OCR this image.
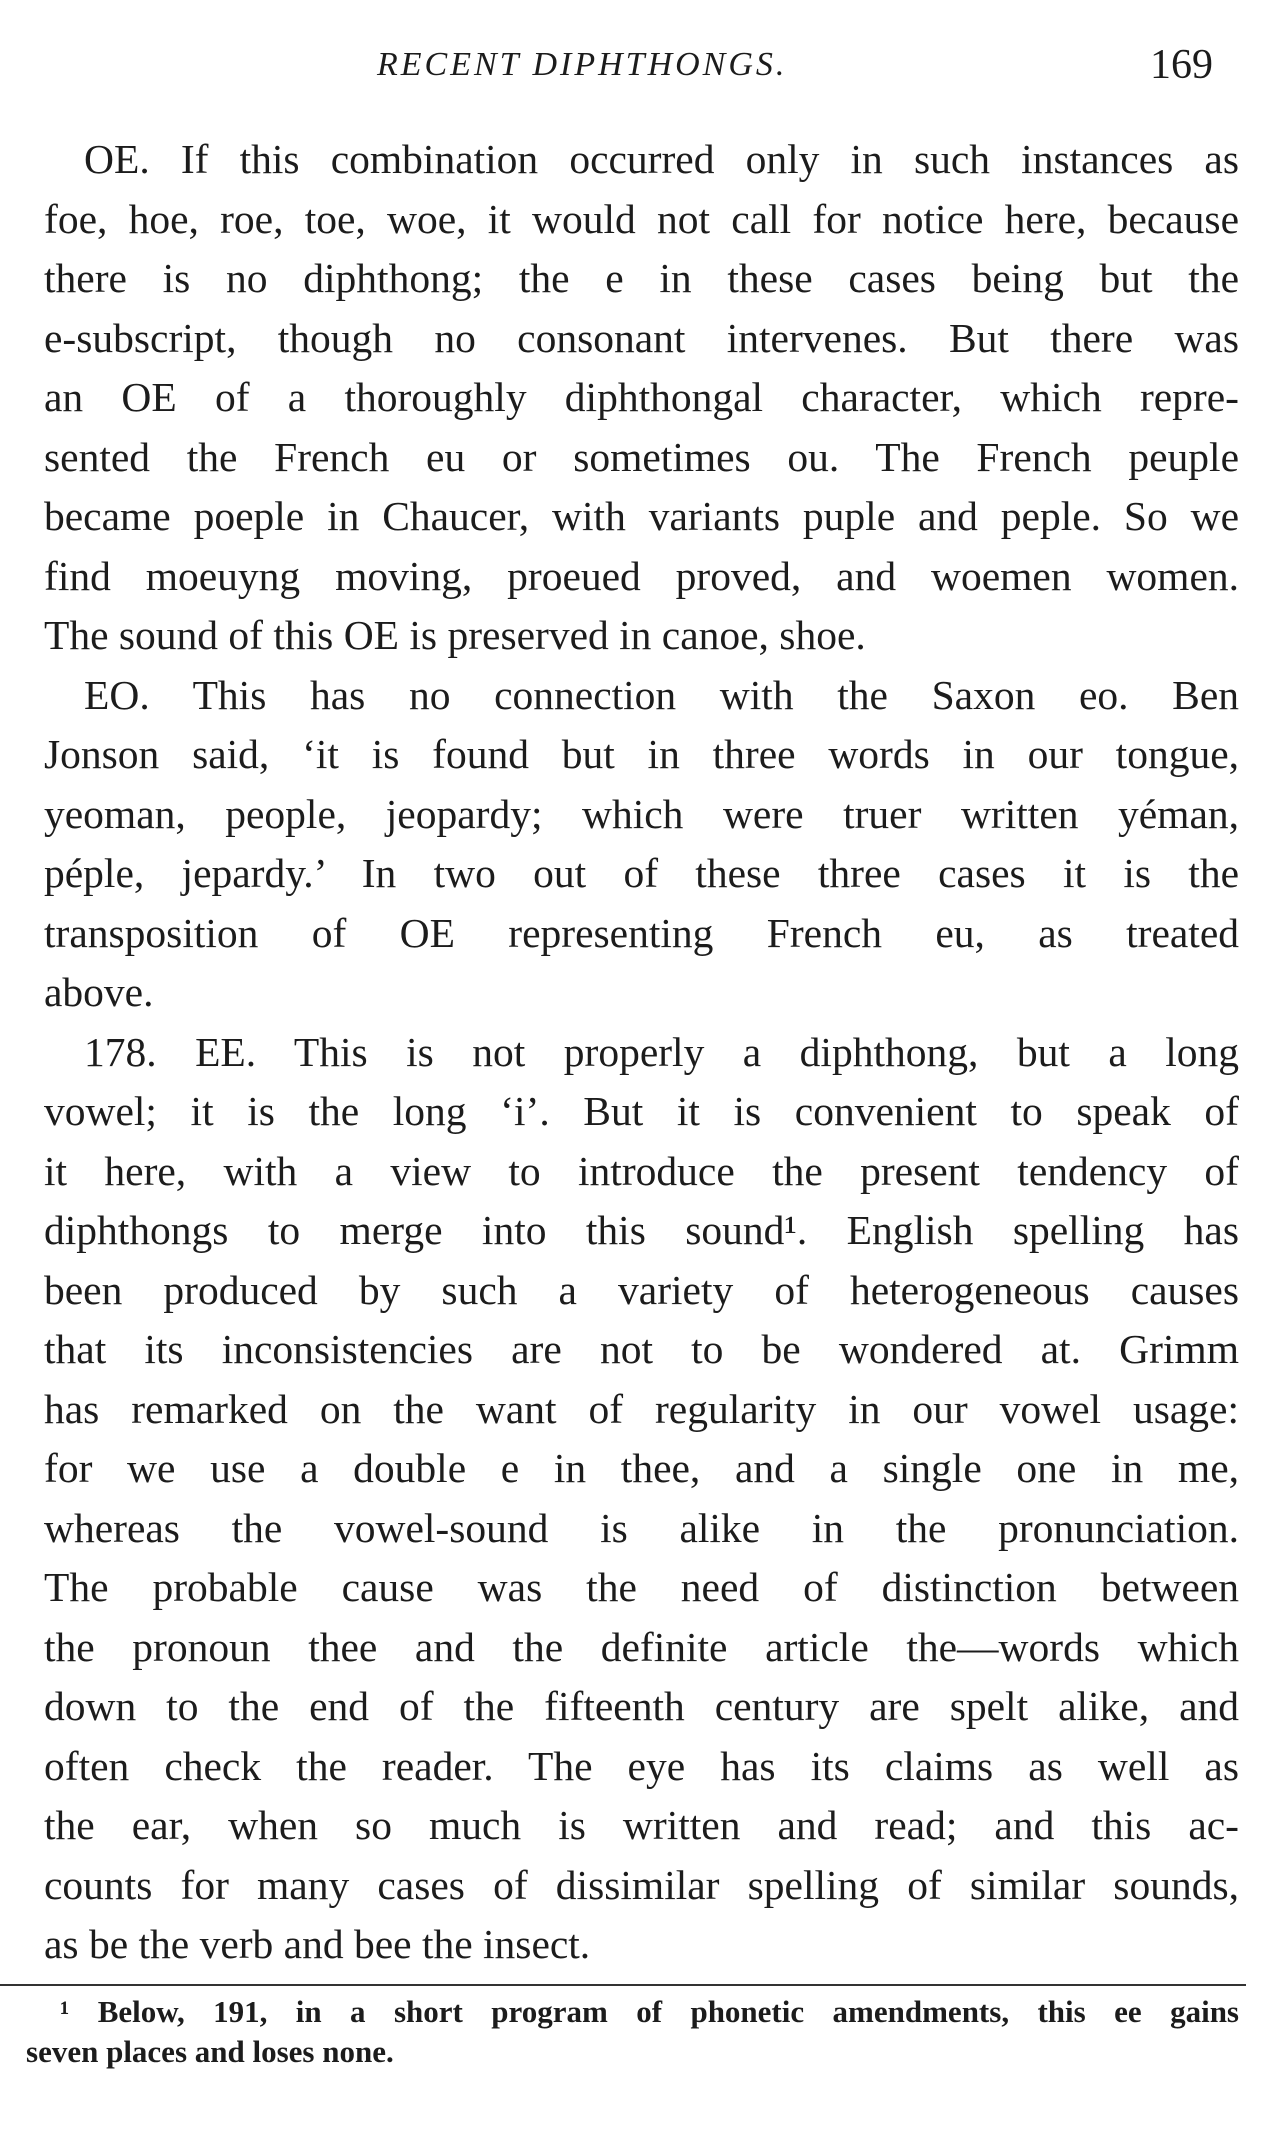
RECENT DIPHTHONGS.	169
OE. If this combination occurred only in such instances as
foe, hoe, roe, toe, woe, it would not call for notice here, because
there is no diphthong; the e in these cases being but the
e-subscript, though no consonant intervenes. But there was
an OE of a thoroughly diphthongal character, which repre-
sented the French eu or sometimes ou. The French peuple
became poeple in Chaucer, with variants puple and peple. So we
find moeuyng moving, proeued proved, and woemen women.
The sound of this OE is preserved in canoe, shoe.
EO. This has no connection with the Saxon eo. Ben
Jonson said, ‘it is found but in three words in our tongue,
yeoman, people, jeopardy; which were truer written yéman,
péple, jepardy.’ In two out of these three cases it is the
transposition of OE representing French eu, as treated
above.
178. EE. This is not properly a diphthong, but a long
vowel; it is the long ‘i’. But it is convenient to speak of
it here, with a view to introduce the present tendency of
diphthongs to merge into this sound¹. English spelling has
been produced by such a variety of heterogeneous causes
that its inconsistencies are not to be wondered at. Grimm
has remarked on the want of regularity in our vowel usage:
for we use a double e in thee, and a single one in me,
whereas the vowel-sound is alike in the pronunciation.
The probable cause was the need of distinction between
the pronoun thee and the definite article the—words which
down to the end of the fifteenth century are spelt alike, and
often check the reader. The eye has its claims as well as
the ear, when so much is written and read; and this ac-
counts for many cases of dissimilar spelling of similar sounds,
as be the verb and bee the insect.
¹ Below, 191, in a short program of phonetic amendments, this ee gains
seven places and loses none.
